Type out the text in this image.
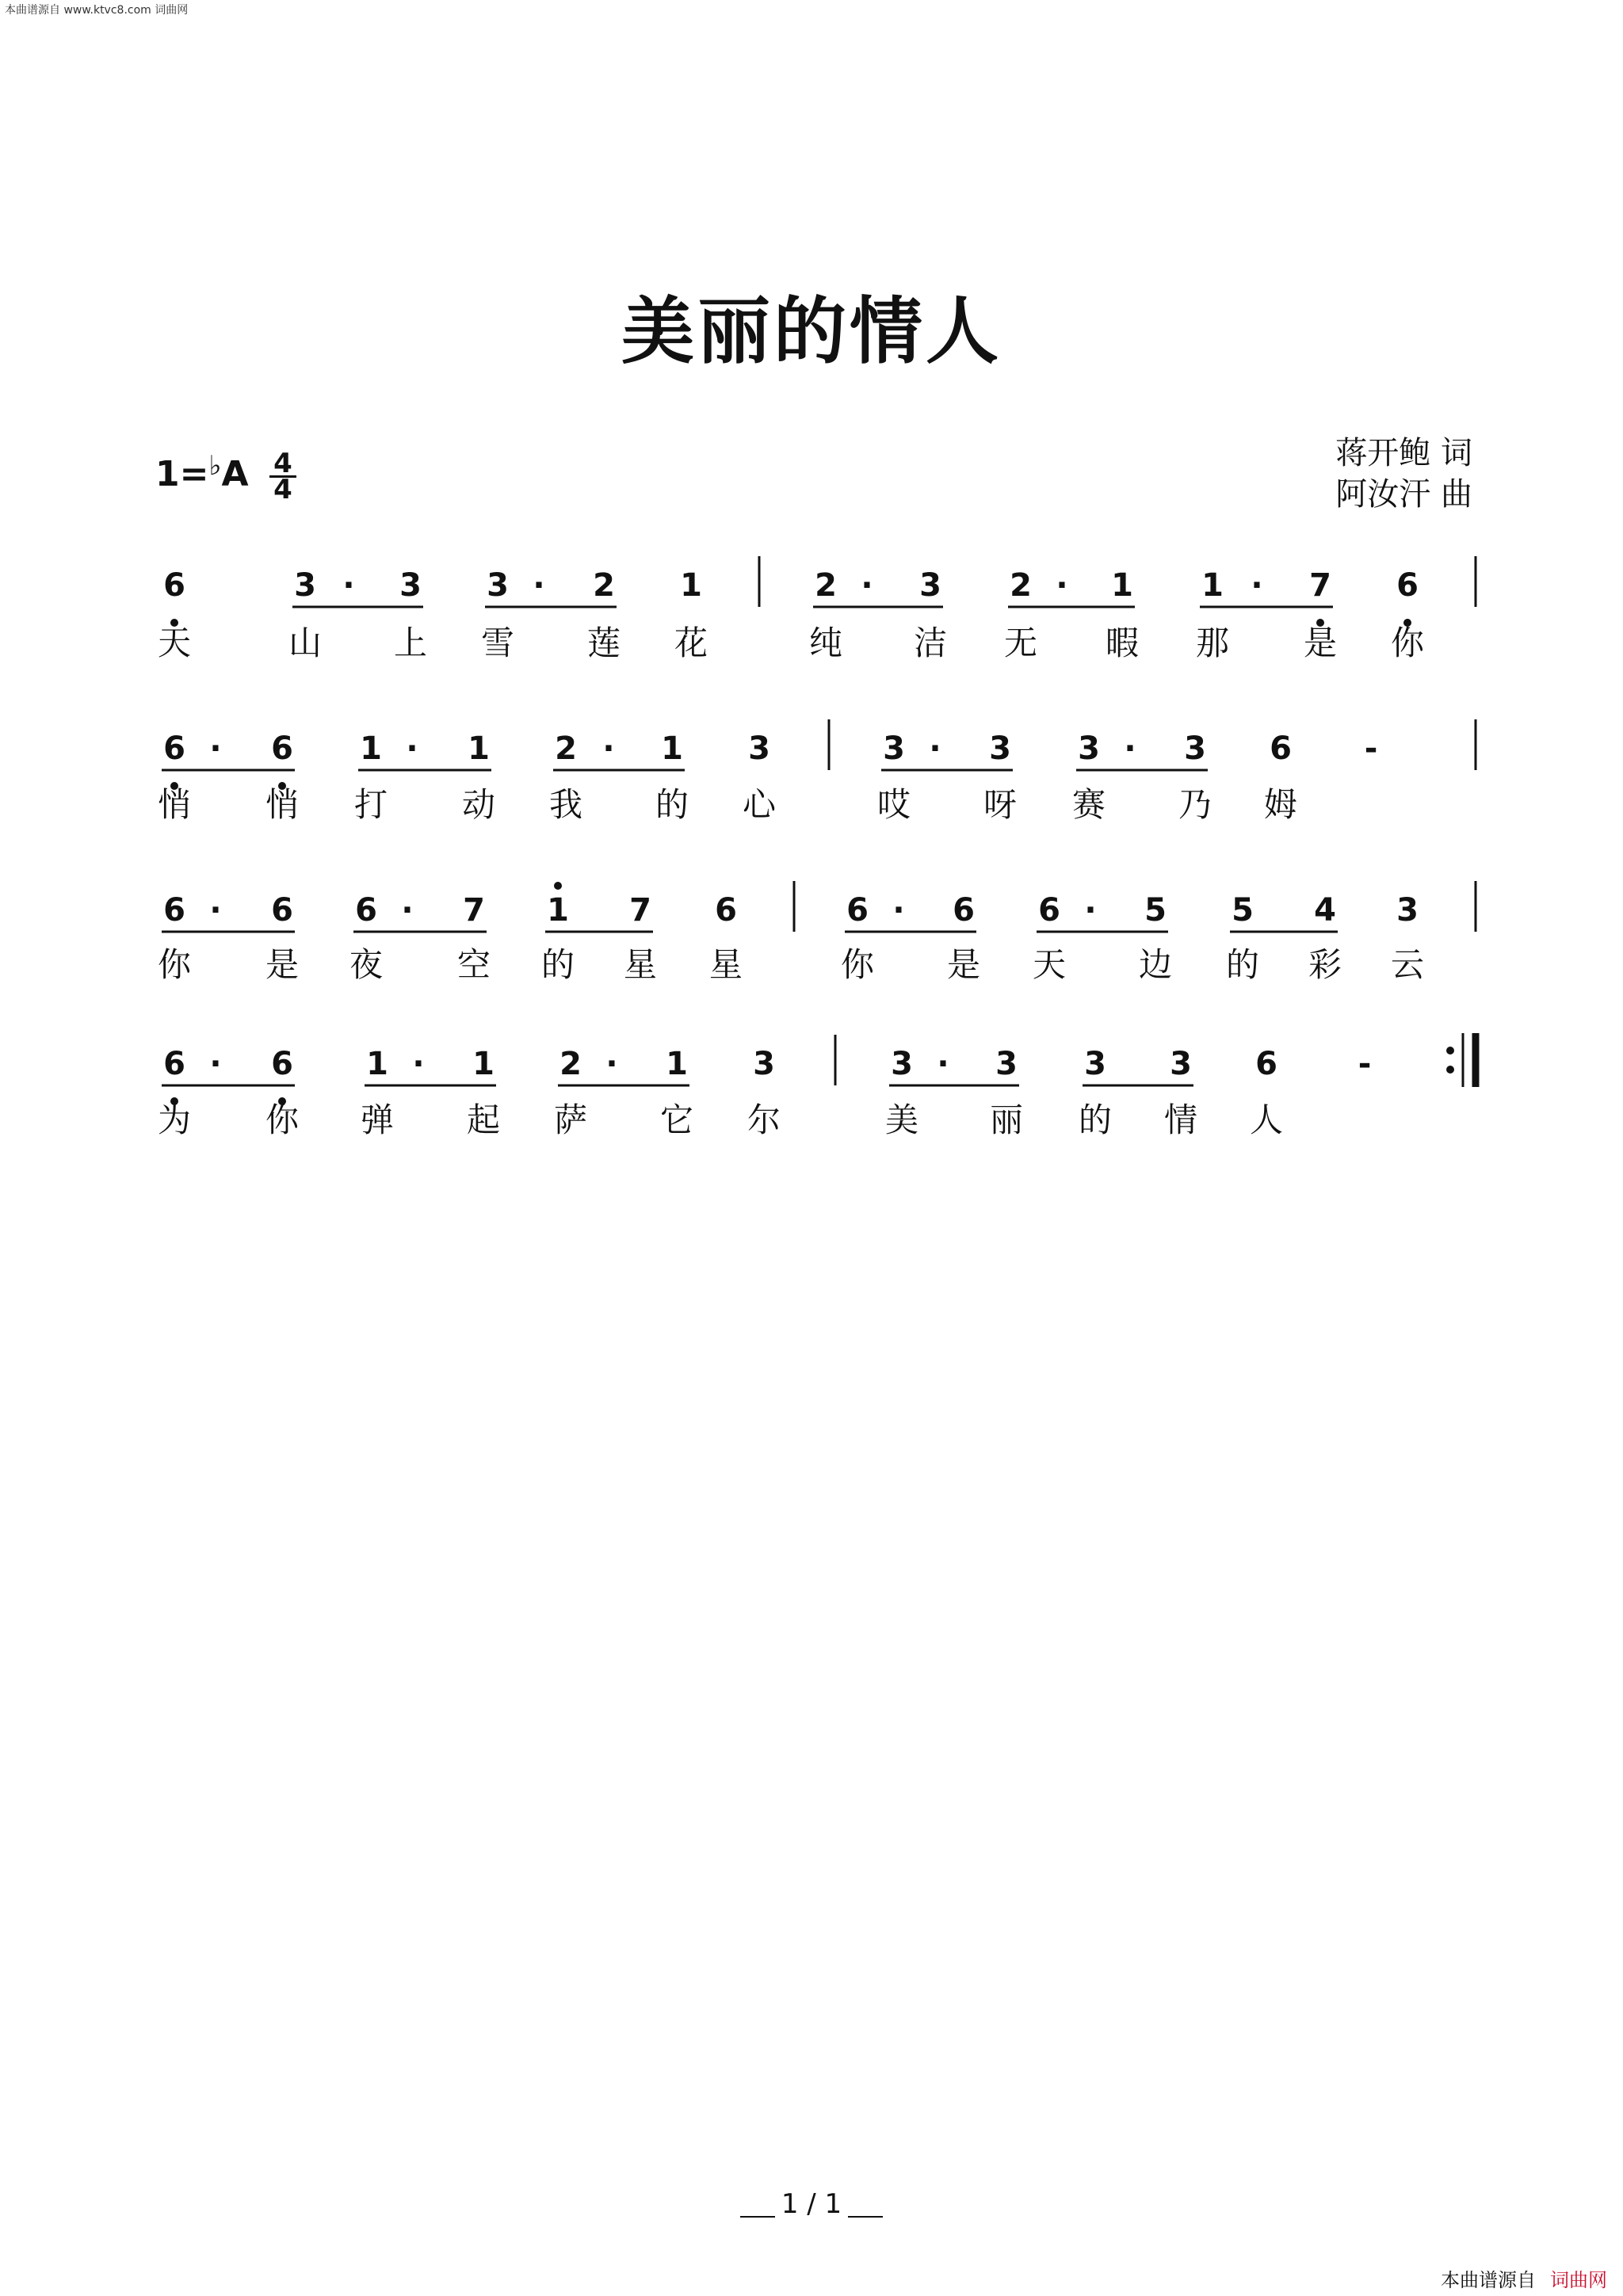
本曲谱源自 www.ktvc8.com 词曲网
美丽的情人
蒋开鲍 词
阿汝汗 曲
1=♭A 4
4
6	3 · 3 3 · 2 1	2 · 3 2 · 1 1 · 7 6
天	山 上 雪 莲 花	纯 洁 无 暇 那 是 你
6 · 6 1 · 1 2 · 1 3	3 · 3 3 · 3 6 -
悄 悄 打 动 我 的 心	哎 呀 赛 乃 姆
6 · 6 6 · 7 1 7 6	6 · 6 6 · 5 5 4 3
你 是 夜 空 的 星 星	你 是 天 边 的 彩 云
6 · 6 1 · 1 2 · 1 3	3 · 3 3 3 6	-
为 你 弹 起 萨 它 尔	美 丽 的 情 人
1 / 1
本曲谱源自 词曲网
